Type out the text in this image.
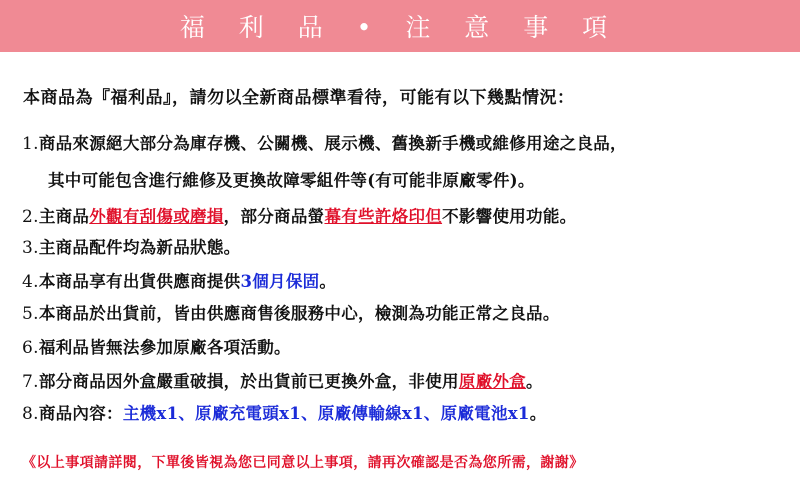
福 利 品 • 注 意 事 項
本商品為『福利品』，請勿以全新商品標準看待，可能有以下幾點情況：
1.商品來源絕大部分為庫存機、公關機、展示機、舊換新手機或維修用途之良品，
其中可能包含進行維修及更換故障零組件等(有可能非原廠零件)。
2.主商品外觀有刮傷或磨損，部分商品螢幕有些許烙印但不影響使用功能。
3.主商品配件均為新品狀態。
4.本商品享有出貨供應商提供3個月保固。
5.本商品於出貨前，皆由供應商售後服務中心，檢測為功能正常之良品。
6.福利品皆無法參加原廠各項活動。
7.部分商品因外盒嚴重破損，於出貨前已更換外盒，非使用原廠外盒。
8.商品內容：主機x1、原廠充電頭x1、原廠傳輸線x1、原廠電池x1。
《以上事項請詳閱，下單後皆視為您已同意以上事項，請再次確認是否為您所需，謝謝》
